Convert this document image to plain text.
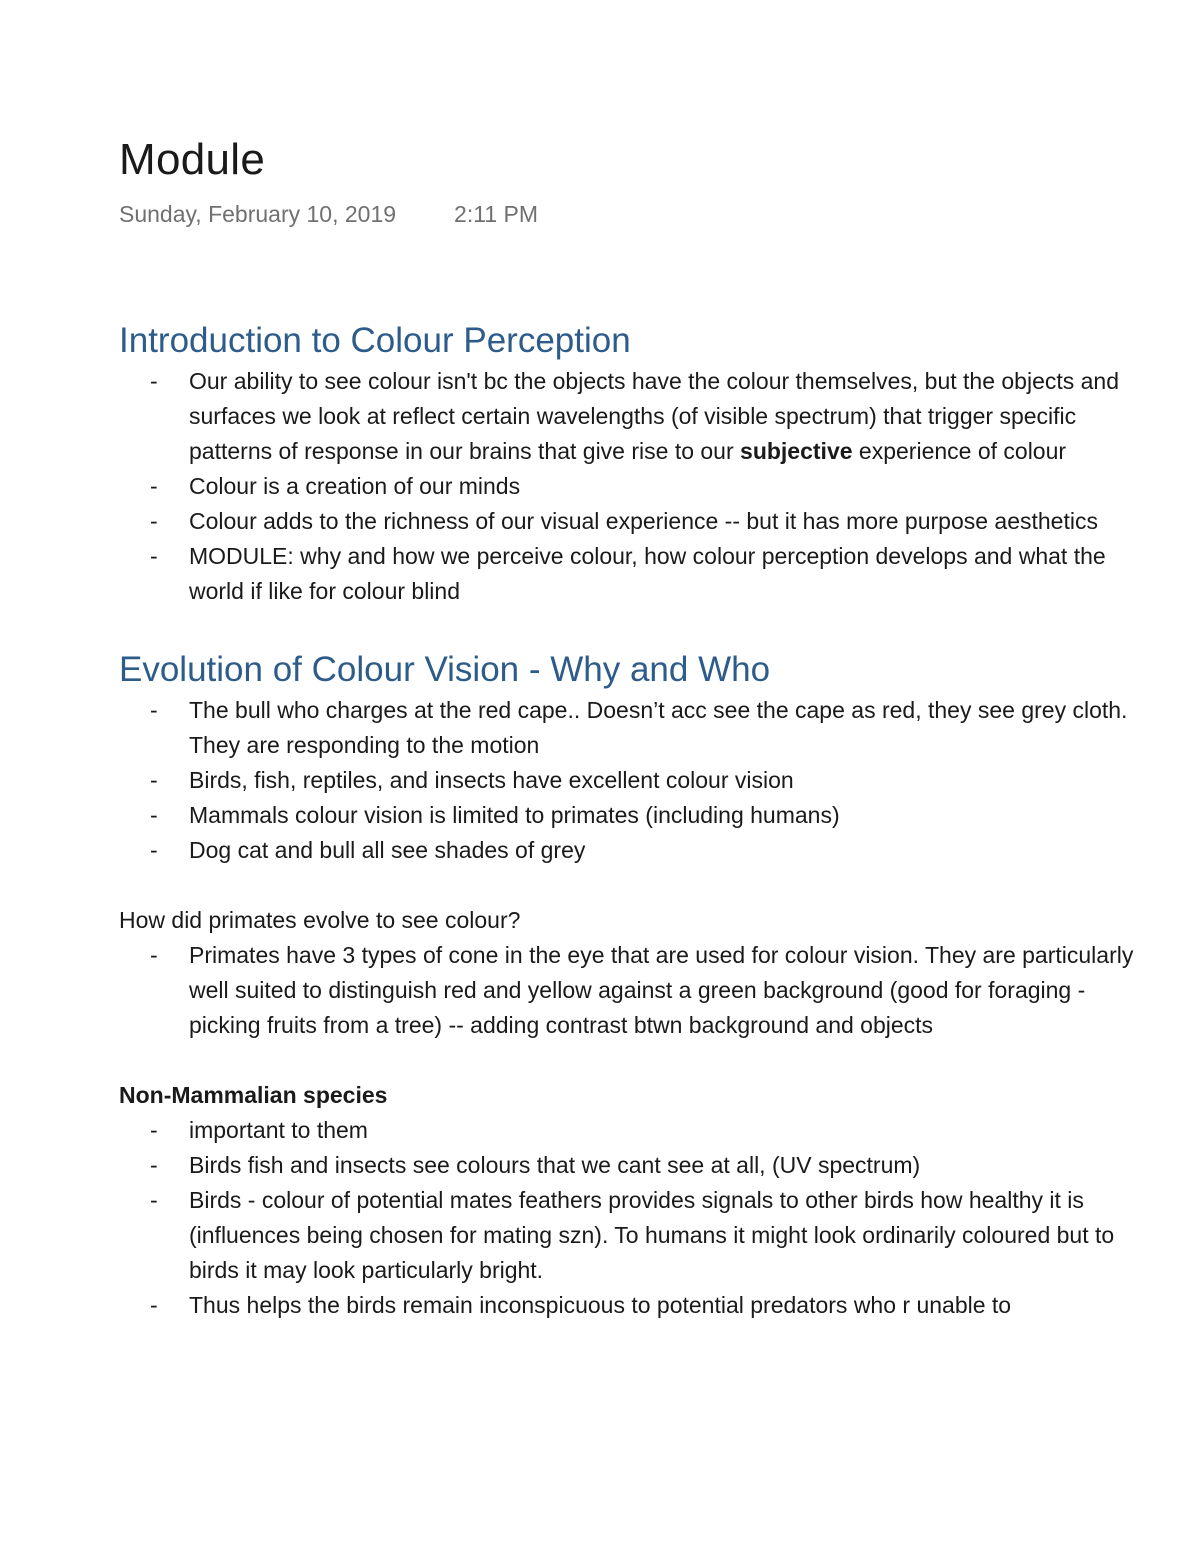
Module
Sunday, February 10, 2019	2:11 PM
Introduction to Colour Perception
- Our ability to see colour isn't bc the objects have the colour themselves, but the objects and surfaces we look at reflect certain wavelengths (of visible spectrum) that trigger specific patterns of response in our brains that give rise to our subjective experience of colour
- Colour is a creation of our minds
- Colour adds to the richness of our visual experience -- but it has more purpose aesthetics
- MODULE: why and how we perceive colour, how colour perception develops and what the world if like for colour blind
Evolution of Colour Vision - Why and Who
- The bull who charges at the red cape.. Doesn’t acc see the cape as red, they see grey cloth. They are responding to the motion
- Birds, fish, reptiles, and insects have excellent colour vision
- Mammals colour vision is limited to primates (including humans)
- Dog cat and bull all see shades of grey

How did primates evolve to see colour?

- Primates have 3 types of cone in the eye that are used for colour vision. They are particularly well suited to distinguish red and yellow against a green background (good for foraging - picking fruits from a tree) -- adding contrast btwn background and objects

Non-Mammalian species

- important to them
- Birds fish and insects see colours that we cant see at all, (UV spectrum)
- Birds - colour of potential mates feathers provides signals to other birds how healthy it is (influences being chosen for mating szn). To humans it might look ordinarily coloured but to birds it may look particularly bright.
- Thus helps the birds remain inconspicuous to potential predators who r unable to
